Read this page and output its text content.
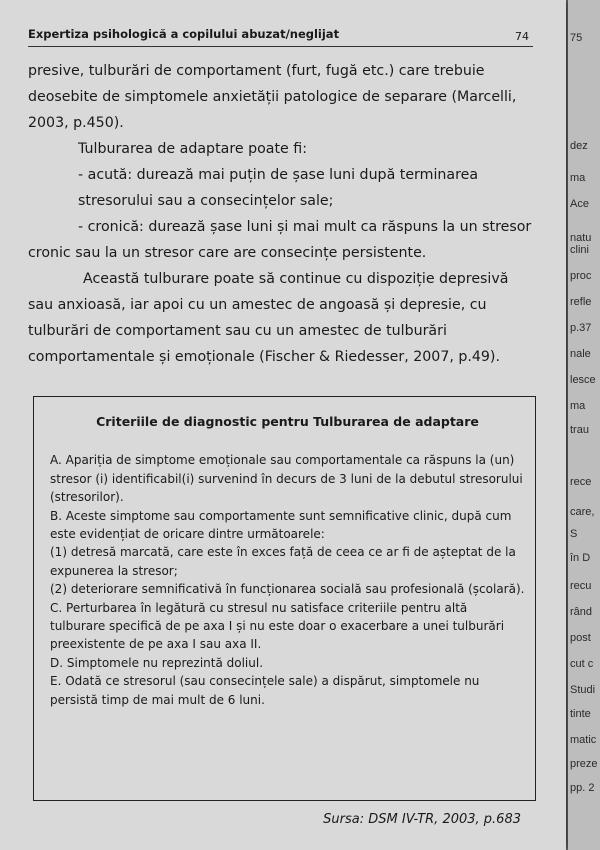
Expertiza psihologică a copilului abuzat/neglijat	74

presive, tulburări de comportament (furt, fugă etc.) care trebuie deosebite de simptomele anxietății patologice de separare (Marcelli, 2003, p.450).

Tulburarea de adaptare poate fi:

- acută: durează mai puțin de șase luni după terminarea stresorului sau a consecințelor sale;

- cronică: durează șase luni și mai mult ca răspuns la un stresor cronic sau la un stresor care are consecințe persistente.

Această tulburare poate să continue cu dispoziție depresivă sau anxioasă, iar apoi cu un amestec de angoasă și depresie, cu tulburări de comportament sau cu un amestec de tulburări comportamentale și emoționale (Fischer & Riedesser, 2007, p.49).

Criteriile de diagnostic pentru Tulburarea de adaptare

A. Apariția de simptome emoționale sau comportamentale ca răspuns la (un) stresor (i) identificabil(i) survenind în decurs de 3 luni de la debutul stresorului (stresorilor).

B. Aceste simptome sau comportamente sunt semnificative clinic, după cum este evidențiat de oricare dintre următoarele:

(1) detresă marcată, care este în exces față de ceea ce ar fi de așteptat de la expunerea la stresor;

(2) deteriorare semnificativă în funcționarea socială sau profesională (școlară).

C. Perturbarea în legătură cu stresul nu satisface criteriile pentru altă tulburare specifică de pe axa I și nu este doar o exacerbare a unei tulburări preexistente de pe axa I sau axa II.

D. Simptomele nu reprezintă doliul.

E. Odată ce stresorul (sau consecințele sale) a dispărut, simptomele nu persistă timp de mai mult de 6 luni.

Sursa: DSM IV-TR, 2003, p.683
75
dez
ma
Ace
natu
clini
proc
refle
p.37
nale
lesce
ma
trau
rece
care,
S
în D
recu
rând
post
cut c
Studi
tinte
matic
preze
pp. 2
